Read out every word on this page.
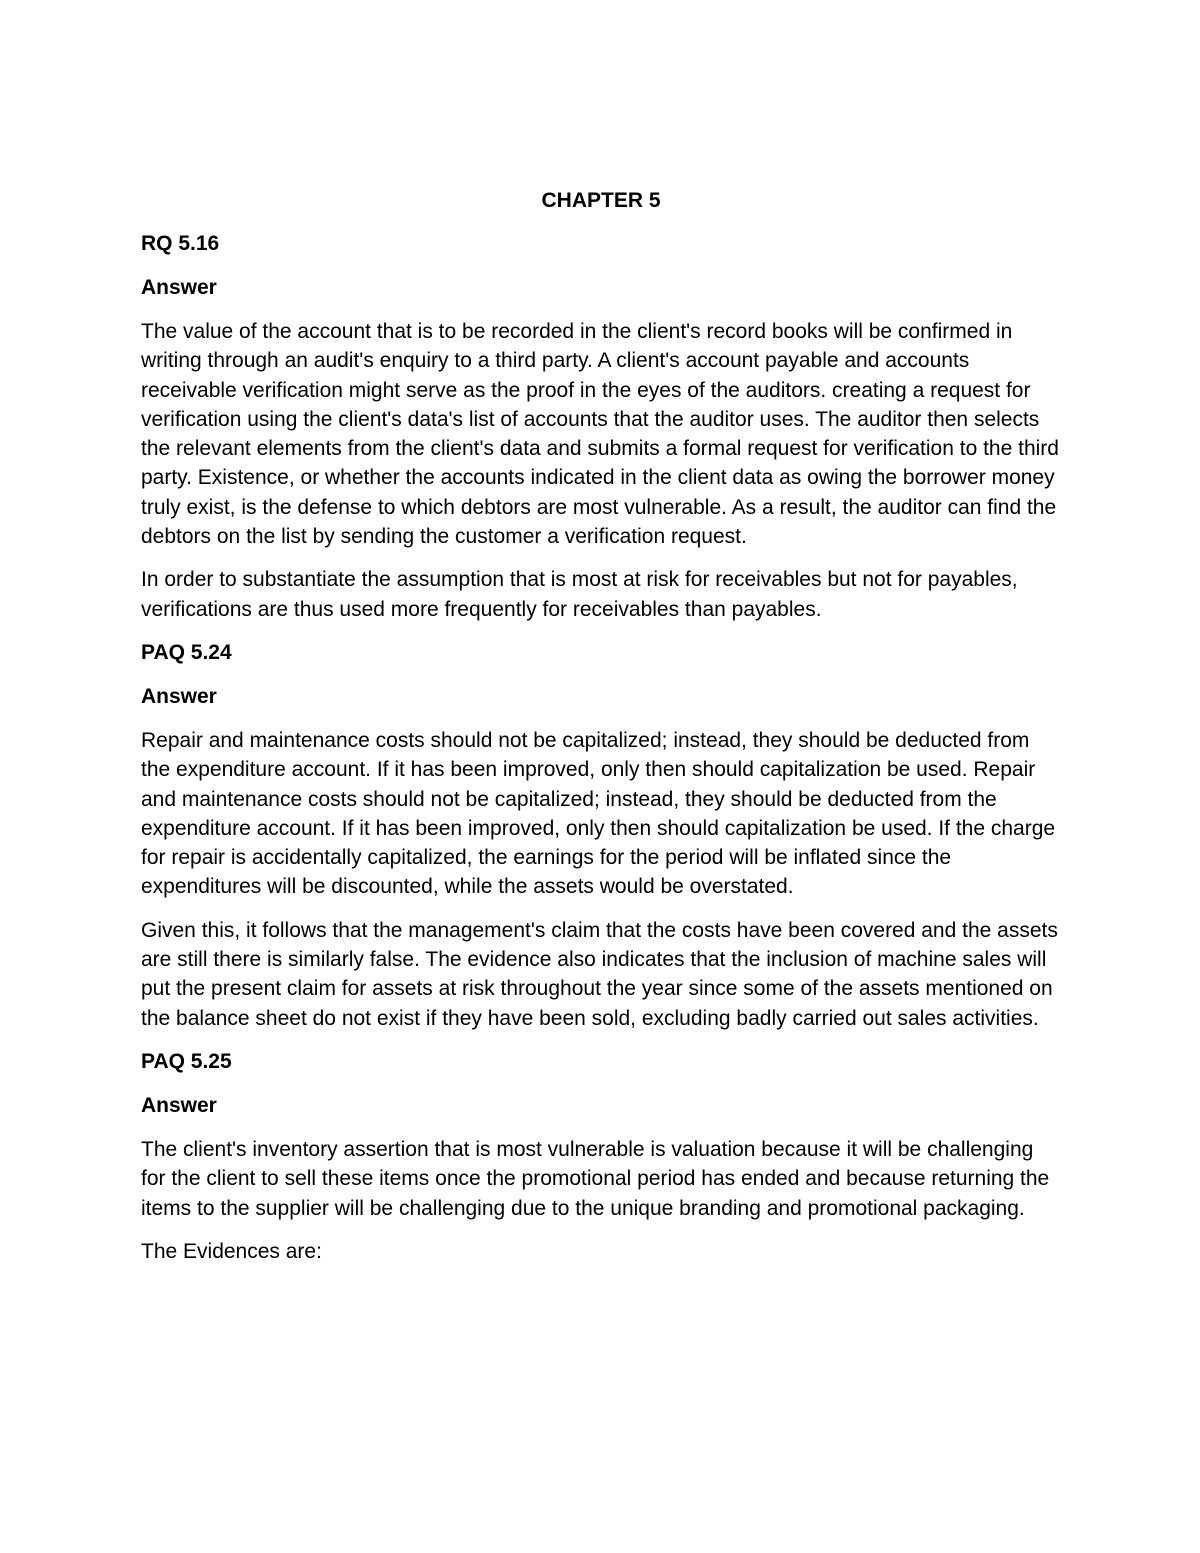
CHAPTER 5
RQ 5.16
Answer

The value of the account that is to be recorded in the client's record books will be confirmed in writing through an audit's enquiry to a third party. A client's account payable and accounts receivable verification might serve as the proof in the eyes of the auditors. creating a request for verification using the client's data's list of accounts that the auditor uses. The auditor then selects the relevant elements from the client's data and submits a formal request for verification to the third party. Existence, or whether the accounts indicated in the client data as owing the borrower money truly exist, is the defense to which debtors are most vulnerable. As a result, the auditor can find the debtors on the list by sending the customer a verification request.

In order to substantiate the assumption that is most at risk for receivables but not for payables, verifications are thus used more frequently for receivables than payables.

PAQ 5.24
Answer

Repair and maintenance costs should not be capitalized; instead, they should be deducted from the expenditure account. If it has been improved, only then should capitalization be used. Repair and maintenance costs should not be capitalized; instead, they should be deducted from the expenditure account. If it has been improved, only then should capitalization be used. If the charge for repair is accidentally capitalized, the earnings for the period will be inflated since the expenditures will be discounted, while the assets would be overstated.

Given this, it follows that the management's claim that the costs have been covered and the assets are still there is similarly false. The evidence also indicates that the inclusion of machine sales will put the present claim for assets at risk throughout the year since some of the assets mentioned on the balance sheet do not exist if they have been sold, excluding badly carried out sales activities.

PAQ 5.25
Answer

The client's inventory assertion that is most vulnerable is valuation because it will be challenging for the client to sell these items once the promotional period has ended and because returning the items to the supplier will be challenging due to the unique branding and promotional packaging.

The Evidences are:
